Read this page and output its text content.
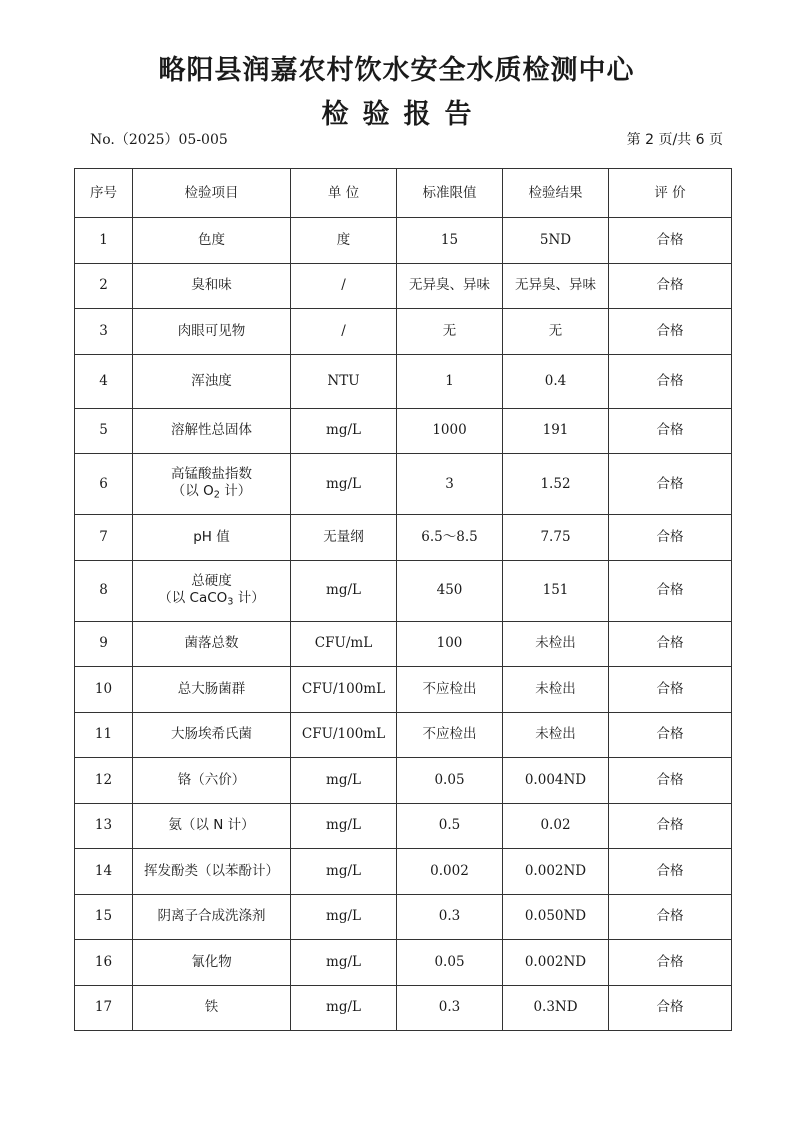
略阳县润嘉农村饮水安全水质检测中心
检验报告
No.（2025）05-005	第 2 页/共 6 页
序号	检验项目	单 位	标准限值	检验结果	评 价
1	色度	度	15	5ND	合格
2	臭和味	/	无异臭、异味	无异臭、异味	合格
3	肉眼可见物	/	无	无	合格
4	浑浊度	NTU	1	0.4	合格
5	溶解性总固体	mg/L	1000	191	合格
6	高锰酸盐指数
（以 $O_2$ 计）	mg/L	3	1.52	合格
7	pH 值	无量纲	6.5～8.5	7.75	合格
8	总硬度
（以 CaCO$_3$ 计）	mg/L	450	151	合格
9	菌落总数	CFU/mL	100	未检出	合格
10	总大肠菌群	CFU/100mL	不应检出	未检出	合格
11	大肠埃希氏菌	CFU/100mL	不应检出	未检出	合格
12	铬（六价）	mg/L	0.05	0.004ND	合格
13	氨（以 N 计）	mg/L	0.5	0.02	合格
14	挥发酚类（以苯酚计）	mg/L	0.002	0.002ND	合格
15	阴离子合成洗涤剂	mg/L	0.3	0.050ND	合格
16	氰化物	mg/L	0.05	0.002ND	合格
17	铁	mg/L	0.3	0.3ND	合格
